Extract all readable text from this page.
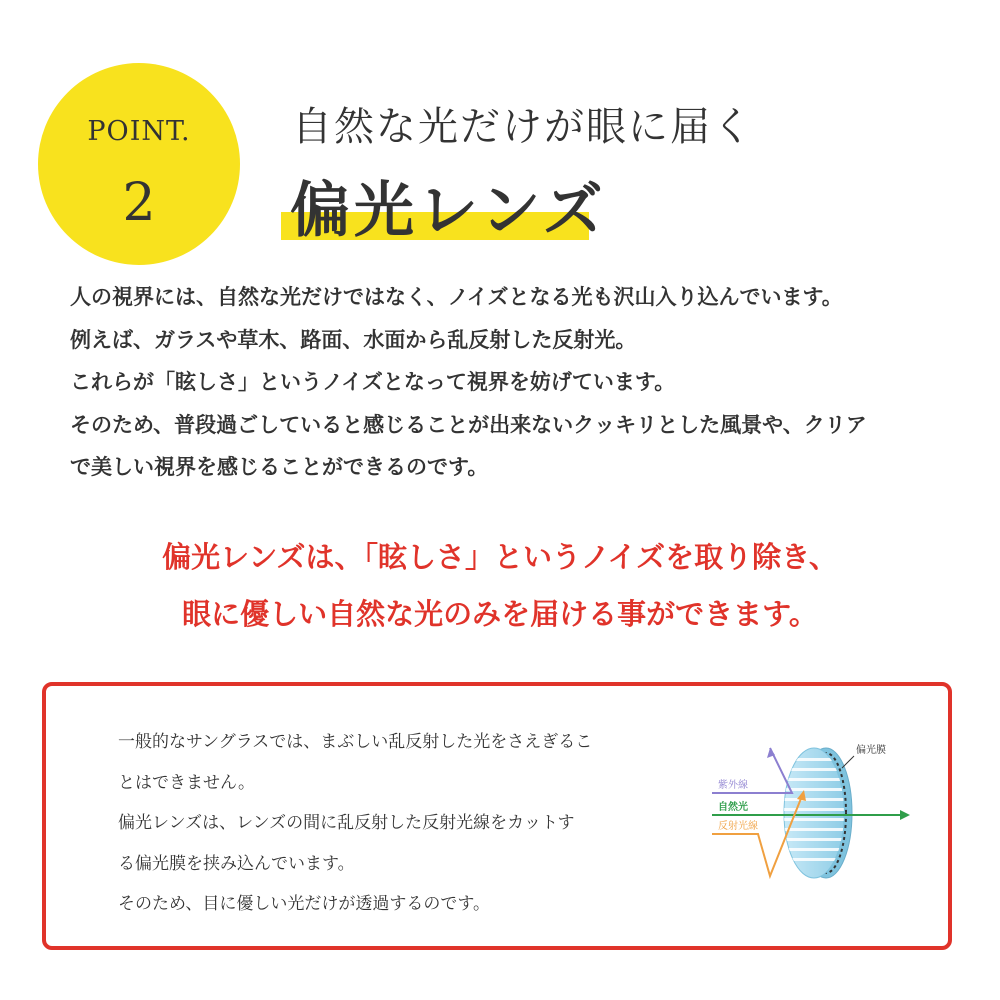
POINT.
2
自然な光だけが眼に届く
偏光レンズ
人の視界には、自然な光だけではなく、ノイズとなる光も沢山入り込んでいます。
例えば、ガラスや草木、路面、水面から乱反射した反射光。
これらが「眩しさ」というノイズとなって視界を妨げています。
そのため、普段過ごしていると感じることが出来ないクッキリとした風景や、クリア
で美しい視界を感じることができるのです。
偏光レンズは、「眩しさ」というノイズを取り除き、
眼に優しい自然な光のみを届ける事ができます。
一般的なサングラスでは、まぶしい乱反射した光をさえぎるこ
とはできません。
偏光レンズは、レンズの間に乱反射した反射光線をカットす
る偏光膜を挟み込んでいます。
そのため、目に優しい光だけが透過するのです。
偏光膜
紫外線
自然光
反射光線
